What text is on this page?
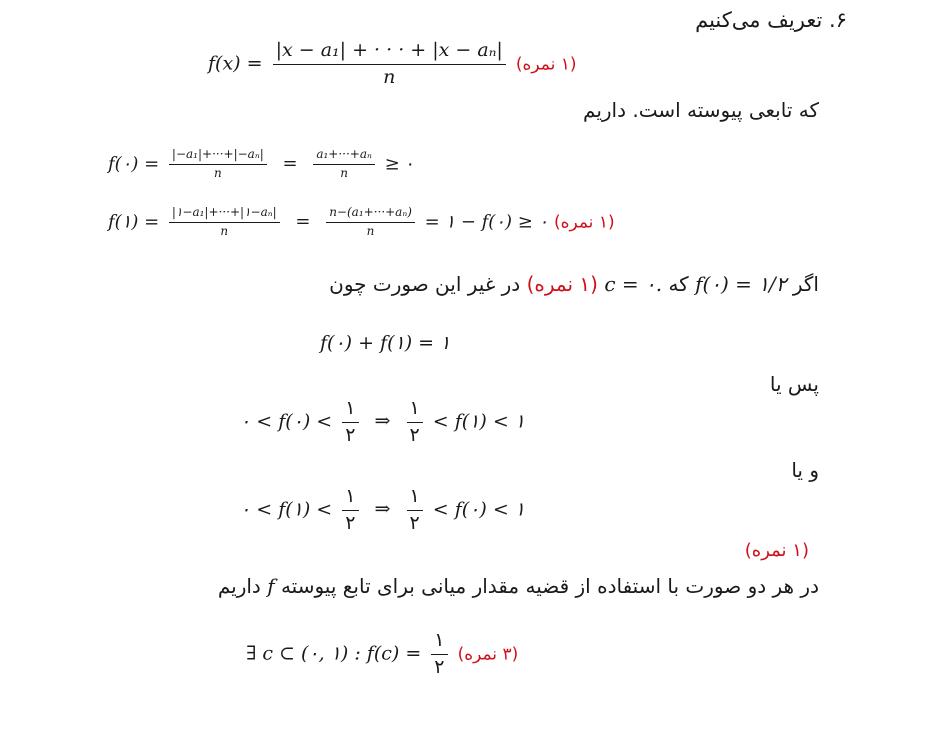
۶. تعریف می‌کنیم
$f(x) = \frac{\text{|x − a₁| + · · · + |x − aₙ|}}{n}$ (۱ نمره)
که تابعی پیوسته است. داریم
f(۰) = $\frac{\text{|−a₁|+···+|−aₙ|}}{n} = \frac{\text{a₁+···+aₙ}}{n}$ ≥ ۰
f(۱) = $\frac{\text{|۱−a₁|+···+|۱−aₙ|}}{n} = \frac{\text{n−(a₁+···+aₙ)}}{n}$ = ۱ − f(۰) ≥ ۰ (۱ نمره)
اگر f(۰) = ۱/۲ که c = ۰. (۱ نمره) در غیر این صورت چون
f(۰) + f(۱) = ۱
پس یا
۰ < f(۰) < $\frac{۱}{۲}$ ⇒ $\frac{۱}{۲}$ < f(۱) < ۱
و یا
۰ < f(۱) < $\frac{۱}{۲}$ ⇒ $\frac{۱}{۲}$ < f(۰) < ۱
(۱ نمره)
در هر دو صورت با استفاده از قضیه مقدار میانی برای تابع پیوسته f داریم
∃ c ⊂ (۰, ۱) : $f(c) = \frac{۱}{۲}$ (۳ نمره)
